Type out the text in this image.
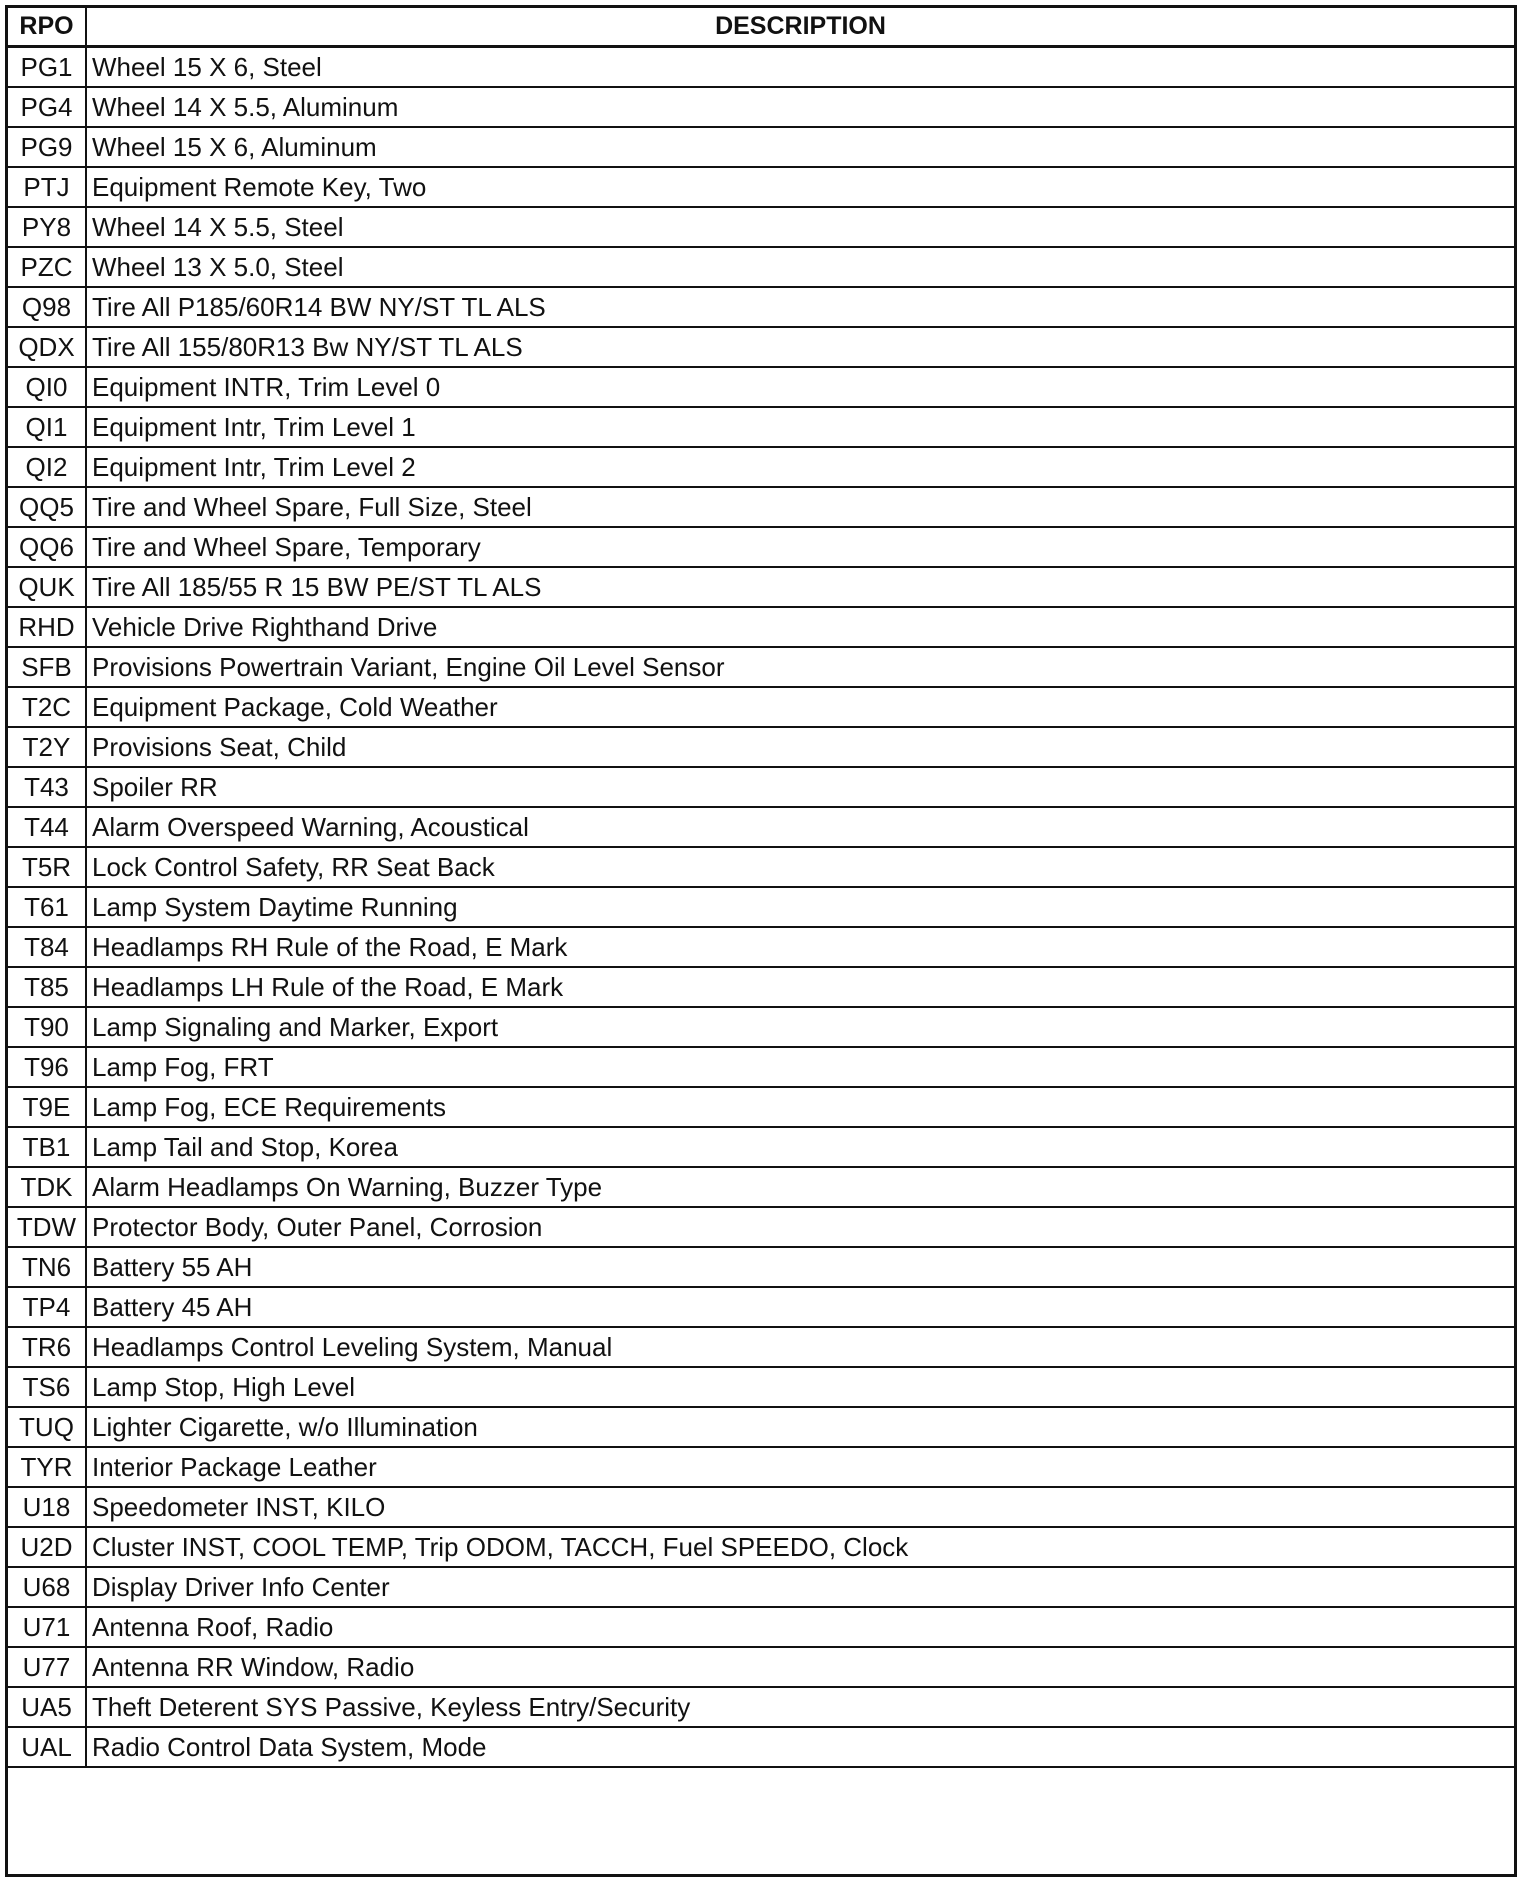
RPO	DESCRIPTION
PG1	Wheel 15 X 6, Steel
PG4	Wheel 14 X 5.5, Aluminum
PG9	Wheel 15 X 6, Aluminum
PTJ	Equipment Remote Key, Two
PY8	Wheel 14 X 5.5, Steel
PZC	Wheel 13 X 5.0, Steel
Q98	Tire All P185/60R14 BW NY/ST TL ALS
QDX	Tire All 155/80R13 Bw NY/ST TL ALS
QI0	Equipment INTR, Trim Level 0
QI1	Equipment Intr, Trim Level 1
QI2	Equipment Intr, Trim Level 2
QQ5	Tire and Wheel Spare, Full Size, Steel
QQ6	Tire and Wheel Spare, Temporary
QUK	Tire All 185/55 R 15 BW PE/ST TL ALS
RHD	Vehicle Drive Righthand Drive
SFB	Provisions Powertrain Variant, Engine Oil Level Sensor
T2C	Equipment Package, Cold Weather
T2Y	Provisions Seat, Child
T43	Spoiler RR
T44	Alarm Overspeed Warning, Acoustical
T5R	Lock Control Safety, RR Seat Back
T61	Lamp System Daytime Running
T84	Headlamps RH Rule of the Road, E Mark
T85	Headlamps LH Rule of the Road, E Mark
T90	Lamp Signaling and Marker, Export
T96	Lamp Fog, FRT
T9E	Lamp Fog, ECE Requirements
TB1	Lamp Tail and Stop, Korea
TDK	Alarm Headlamps On Warning, Buzzer Type
TDW	Protector Body, Outer Panel, Corrosion
TN6	Battery 55 AH
TP4	Battery 45 AH
TR6	Headlamps Control Leveling System, Manual
TS6	Lamp Stop, High Level
TUQ	Lighter Cigarette, w/o Illumination
TYR	Interior Package Leather
U18	Speedometer INST, KILO
U2D	Cluster INST, COOL TEMP, Trip ODOM, TACCH, Fuel SPEEDO, Clock
U68	Display Driver Info Center
U71	Antenna Roof, Radio
U77	Antenna RR Window, Radio
UA5	Theft Deterent SYS Passive, Keyless Entry/Security
UAL	Radio Control Data System, Mode
